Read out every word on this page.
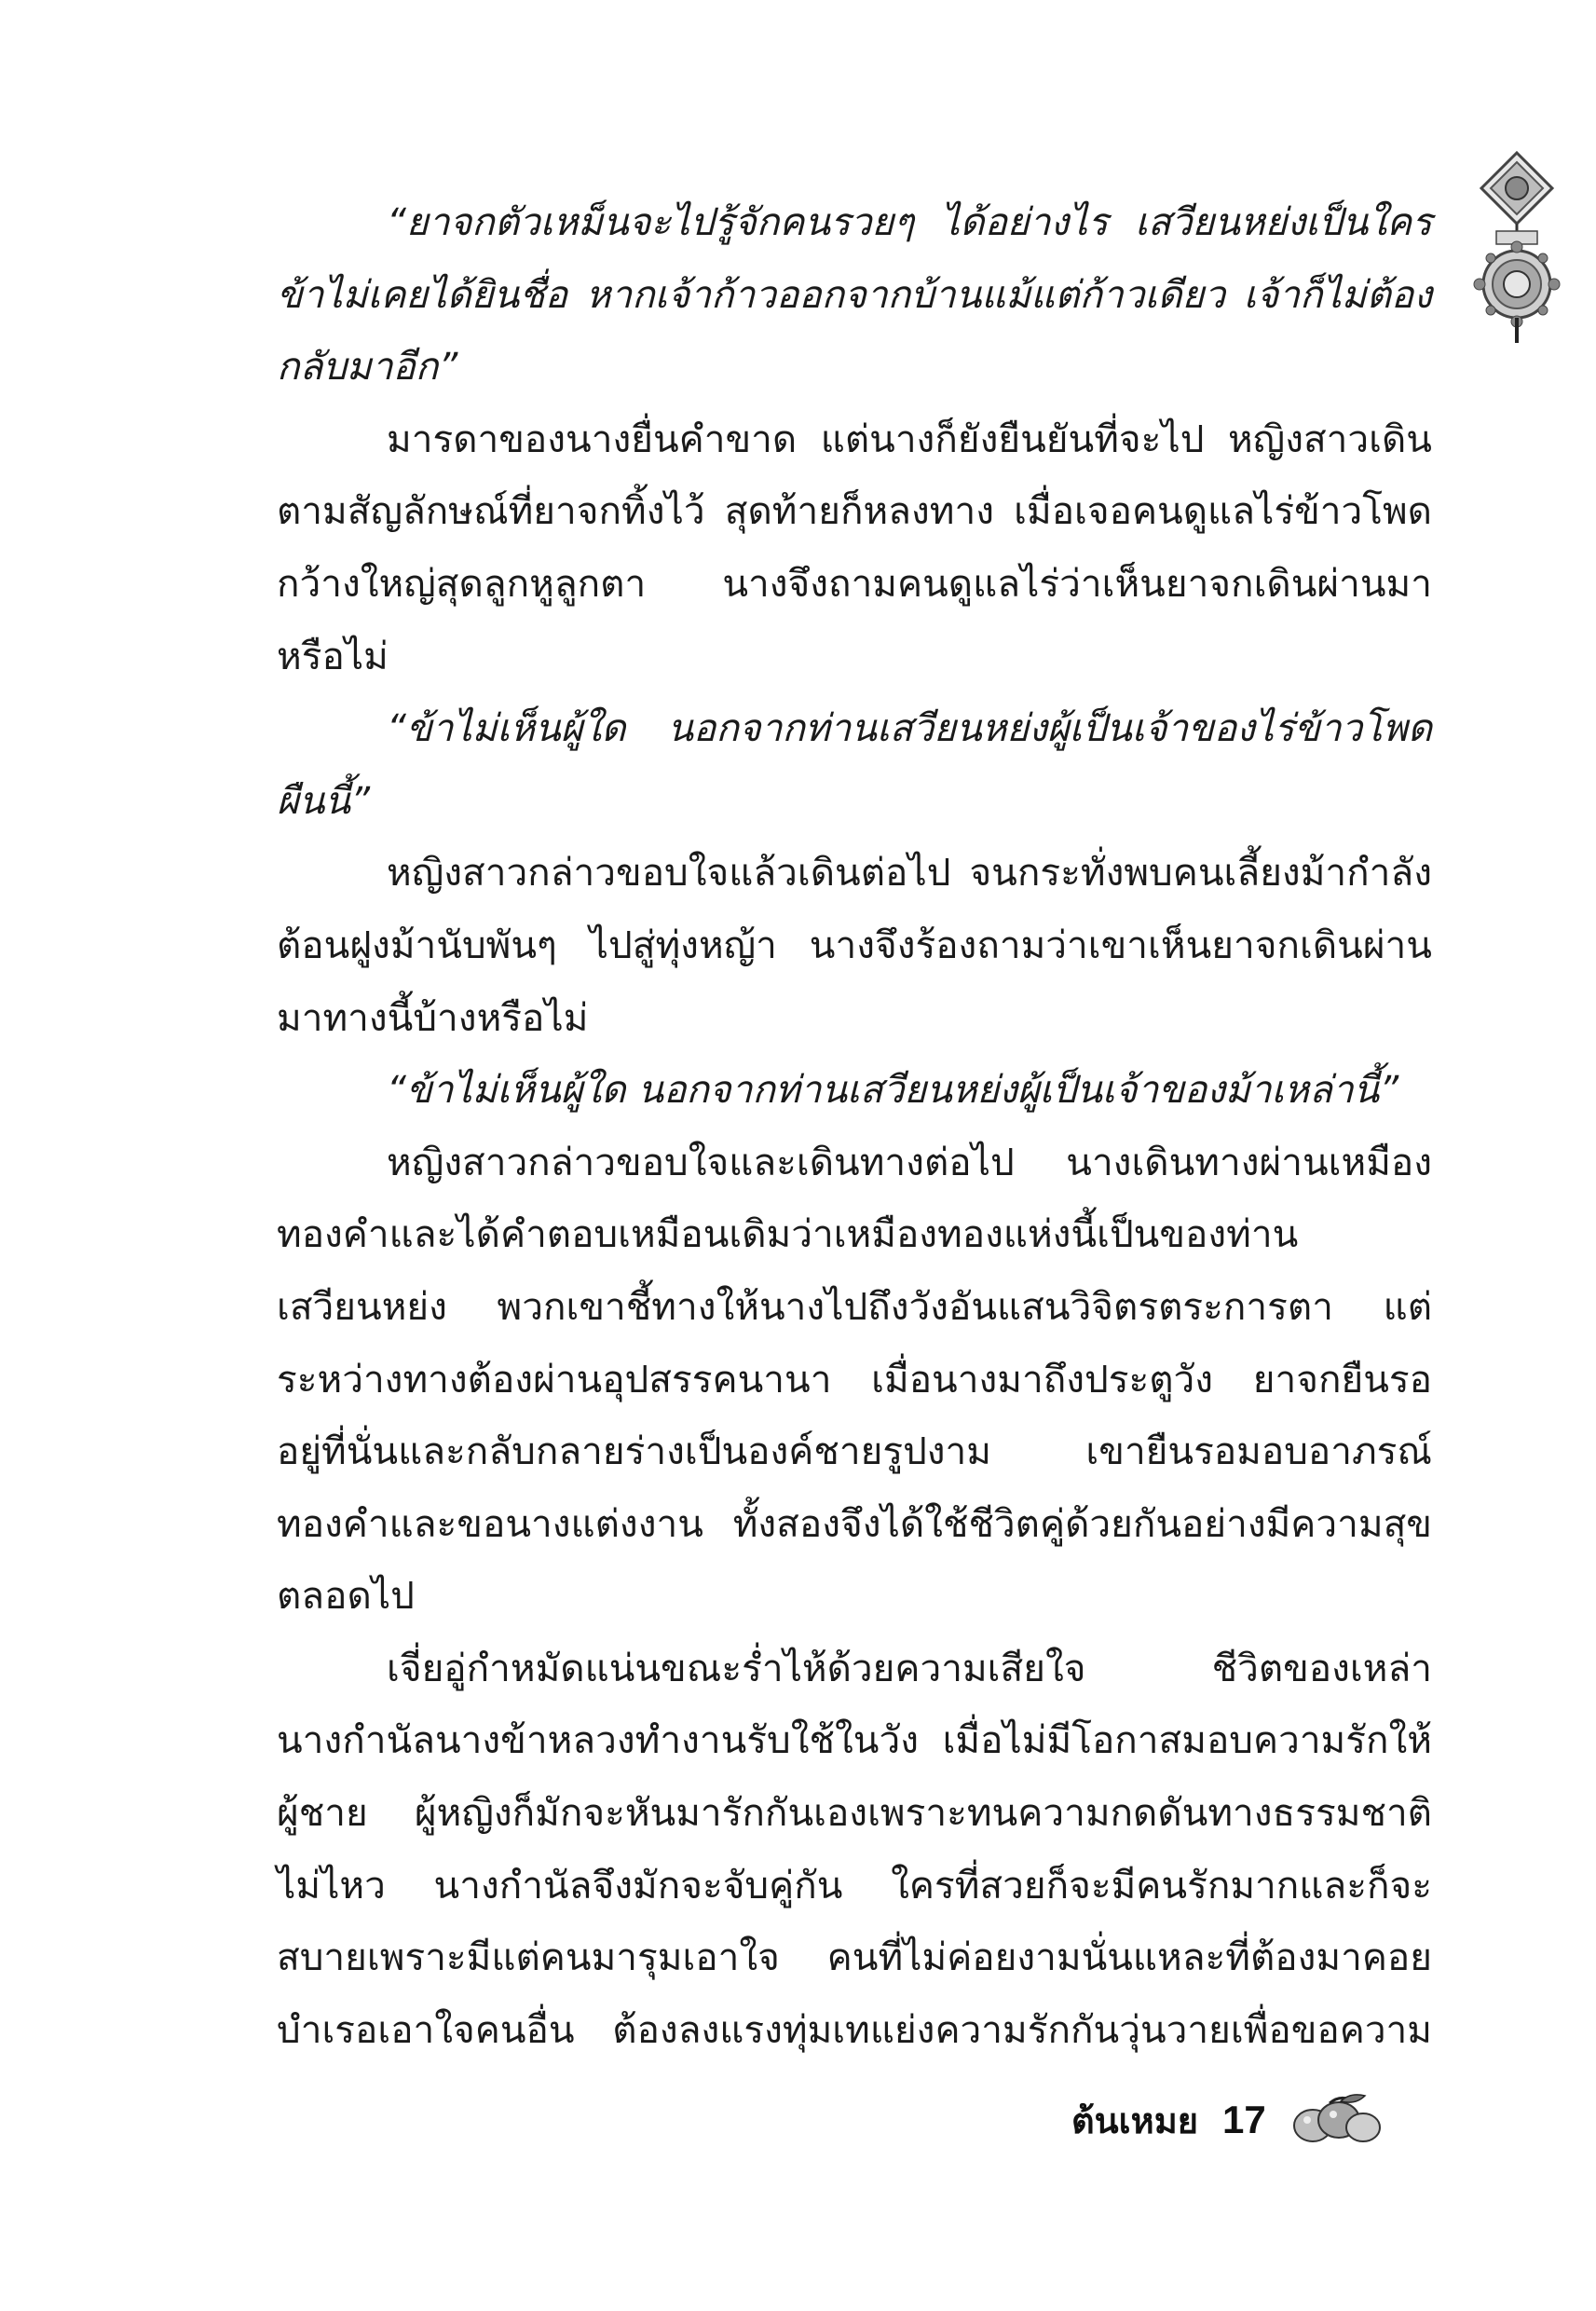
“ยาจกตัวเหม็นจะไปรู้จักคนรวยๆ ได้อย่างไร เสวียนหย่งเป็นใคร
ข้าไม่เคยได้ยินชื่อ หากเจ้าก้าวออกจากบ้านแม้แต่ก้าวเดียว เจ้าก็ไม่ต้อง
กลับมาอีก”
มารดาของนางยื่นคำขาด แต่นางก็ยังยืนยันที่จะไป หญิงสาวเดิน
ตามสัญลักษณ์ที่ยาจกทิ้งไว้ สุดท้ายก็หลงทาง เมื่อเจอคนดูแลไร่ข้าวโพด
กว้างใหญ่สุดลูกหูลูกตา นางจึงถามคนดูแลไร่ว่าเห็นยาจกเดินผ่านมา
หรือไม่
“ข้าไม่เห็นผู้ใด นอกจากท่านเสวียนหย่งผู้เป็นเจ้าของไร่ข้าวโพด
ผืนนี้”
หญิงสาวกล่าวขอบใจแล้วเดินต่อไป จนกระทั่งพบคนเลี้ยงม้ากำลัง
ต้อนฝูงม้านับพันๆ ไปสู่ทุ่งหญ้า นางจึงร้องถามว่าเขาเห็นยาจกเดินผ่าน
มาทางนี้บ้างหรือไม่
“ข้าไม่เห็นผู้ใด นอกจากท่านเสวียนหย่งผู้เป็นเจ้าของม้าเหล่านี้”
หญิงสาวกล่าวขอบใจและเดินทางต่อไป นางเดินทางผ่านเหมือง
ทองคำและได้คำตอบเหมือนเดิมว่าเหมืองทองแห่งนี้เป็นของท่าน
เสวียนหย่ง พวกเขาชี้ทางให้นางไปถึงวังอันแสนวิจิตรตระการตา แต่
ระหว่างทางต้องผ่านอุปสรรคนานา เมื่อนางมาถึงประตูวัง ยาจกยืนรอ
อยู่ที่นั่นและกลับกลายร่างเป็นองค์ชายรูปงาม เขายืนรอมอบอาภรณ์
ทองคำและขอนางแต่งงาน ทั้งสองจึงได้ใช้ชีวิตคู่ด้วยกันอย่างมีความสุข
ตลอดไป
เจี่ยอู่กำหมัดแน่นขณะร่ำไห้ด้วยความเสียใจ ชีวิตของเหล่า
นางกำนัลนางข้าหลวงทำงานรับใช้ในวัง เมื่อไม่มีโอกาสมอบความรักให้
ผู้ชาย ผู้หญิงก็มักจะหันมารักกันเองเพราะทนความกดดันทางธรรมชาติ
ไม่ไหว นางกำนัลจึงมักจะจับคู่กัน ใครที่สวยก็จะมีคนรักมากและก็จะ
สบายเพราะมีแต่คนมารุมเอาใจ คนที่ไม่ค่อยงามนั่นแหละที่ต้องมาคอย
บำเรอเอาใจคนอื่น ต้องลงแรงทุ่มเทแย่งความรักกันวุ่นวายเพื่อขอความ
ต้นเหมย 17
